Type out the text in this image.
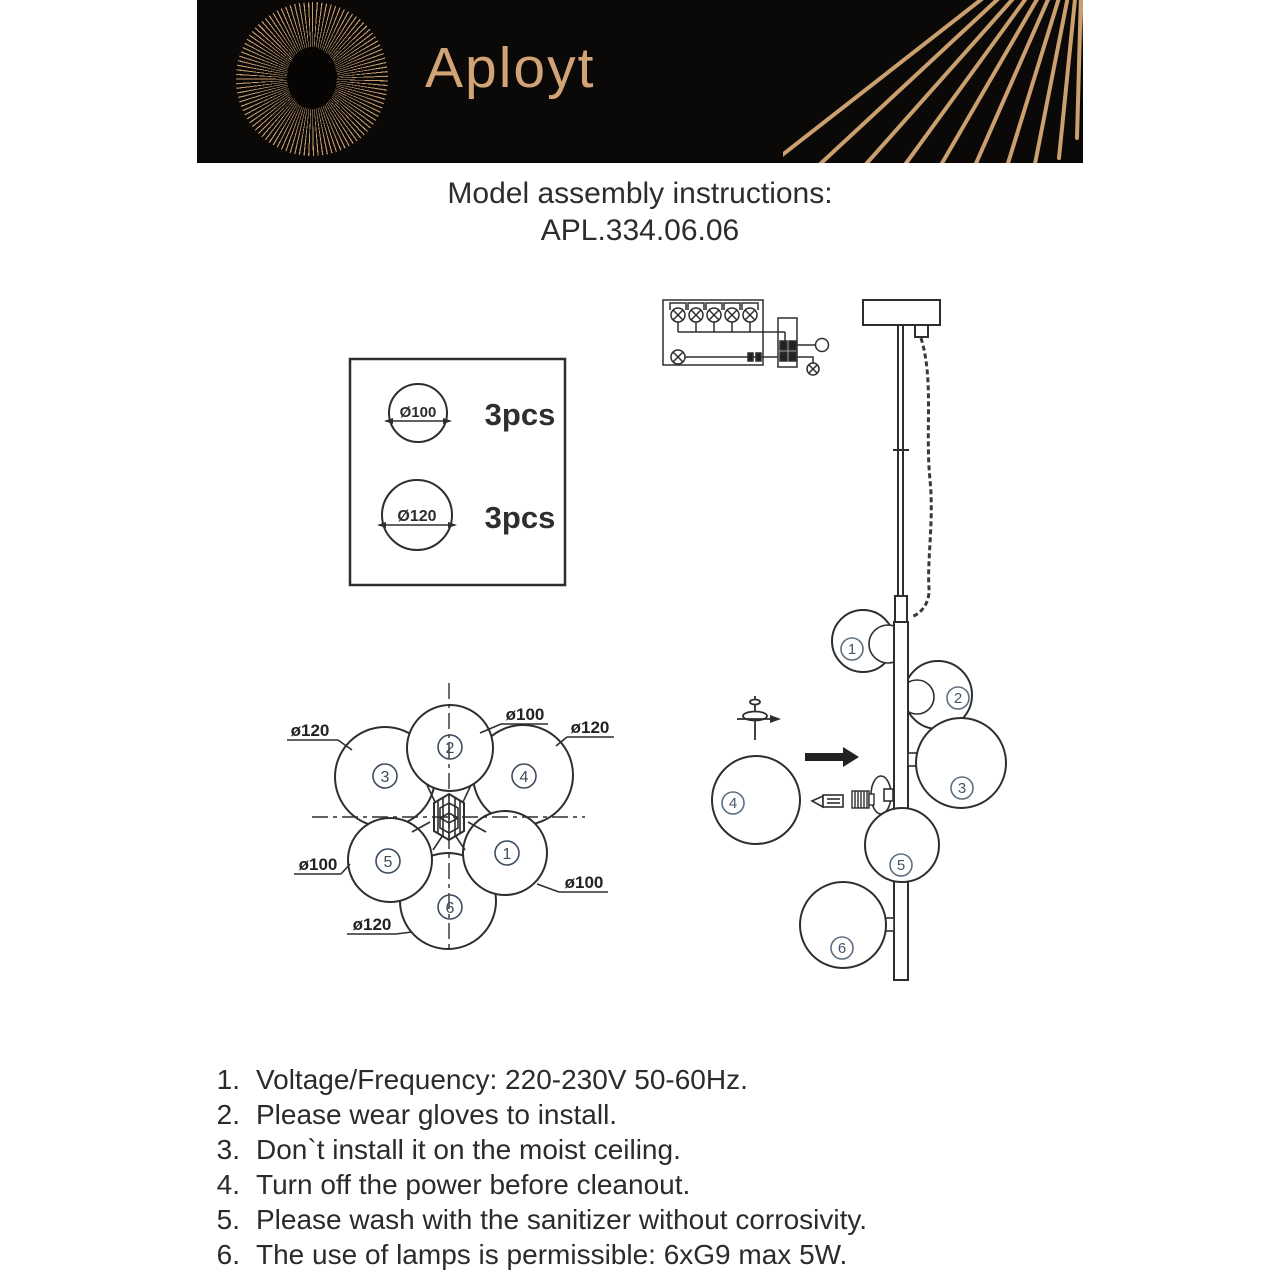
Aployt
Model assembly instructions:
APL.334.06.06
Ø100 3pcs
Ø120 3pcs
1
2
3
4
5
6
ø120
ø100
ø120
ø100
ø100
ø120
2
3	4
5	1
6
1. Voltage/Frequency: 220-230V 50-60Hz.
2. Please wear gloves to install.
3. Don`t install it on the moist ceiling.
4. Turn off the power before cleanout.
5. Please wash with the sanitizer without corrosivity.
6. The use of lamps is permissible: 6xG9 max 5W.
